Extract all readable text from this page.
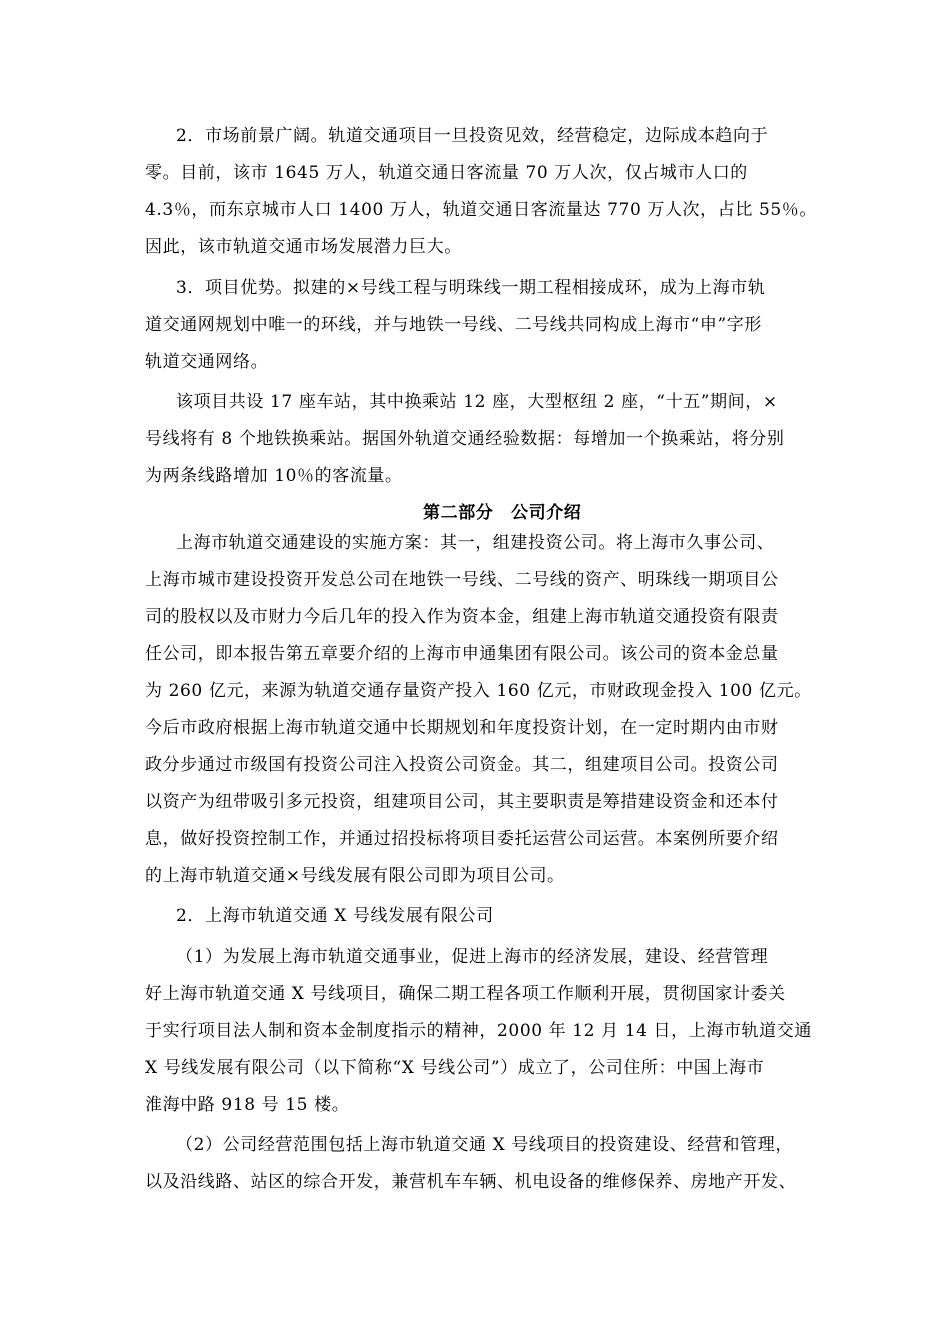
2．市场前景广阔。轨道交通项目一旦投资见效，经营稳定，边际成本趋向于
零。目前，该市 1645 万人，轨道交通日客流量 70 万人次，仅占城市人口的
4.3％，而东京城市人口 1400 万人，轨道交通日客流量达 770 万人次，占比 55％。
因此，该市轨道交通市场发展潜力巨大。
3．项目优势。拟建的×号线工程与明珠线一期工程相接成环，成为上海市轨
道交通网规划中唯一的环线，并与地铁一号线、二号线共同构成上海市“申”字形
轨道交通网络。
该项目共设 17 座车站，其中换乘站 12 座，大型枢纽 2 座，“十五”期间，×
号线将有 8 个地铁换乘站。据国外轨道交通经验数据：每增加一个换乘站，将分别
为两条线路增加 10％的客流量。
第二部分　公司介绍
上海市轨道交通建设的实施方案：其一，组建投资公司。将上海市久事公司、
上海市城市建设投资开发总公司在地铁一号线、二号线的资产、明珠线一期项目公
司的股权以及市财力今后几年的投入作为资本金，组建上海市轨道交通投资有限责
任公司，即本报告第五章要介绍的上海市申通集团有限公司。该公司的资本金总量
为 260 亿元，来源为轨道交通存量资产投入 160 亿元，市财政现金投入 100 亿元。
今后市政府根据上海市轨道交通中长期规划和年度投资计划，在一定时期内由市财
政分步通过市级国有投资公司注入投资公司资金。其二，组建项目公司。投资公司
以资产为纽带吸引多元投资，组建项目公司，其主要职责是筹措建设资金和还本付
息，做好投资控制工作，并通过招投标将项目委托运营公司运营。本案例所要介绍
的上海市轨道交通×号线发展有限公司即为项目公司。
2．上海市轨道交通 X 号线发展有限公司
（1）为发展上海市轨道交通事业，促进上海市的经济发展，建设、经营管理
好上海市轨道交通 X 号线项目，确保二期工程各项工作顺利开展，贯彻国家计委关
于实行项目法人制和资本金制度指示的精神，2000 年 12 月 14 日，上海市轨道交通
X 号线发展有限公司（以下简称“X 号线公司”）成立了，公司住所：中国上海市
淮海中路 918 号 15 楼。
（2）公司经营范围包括上海市轨道交通 X 号线项目的投资建设、经营和管理，
以及沿线路、站区的综合开发，兼营机车车辆、机电设备的维修保养、房地产开发、
